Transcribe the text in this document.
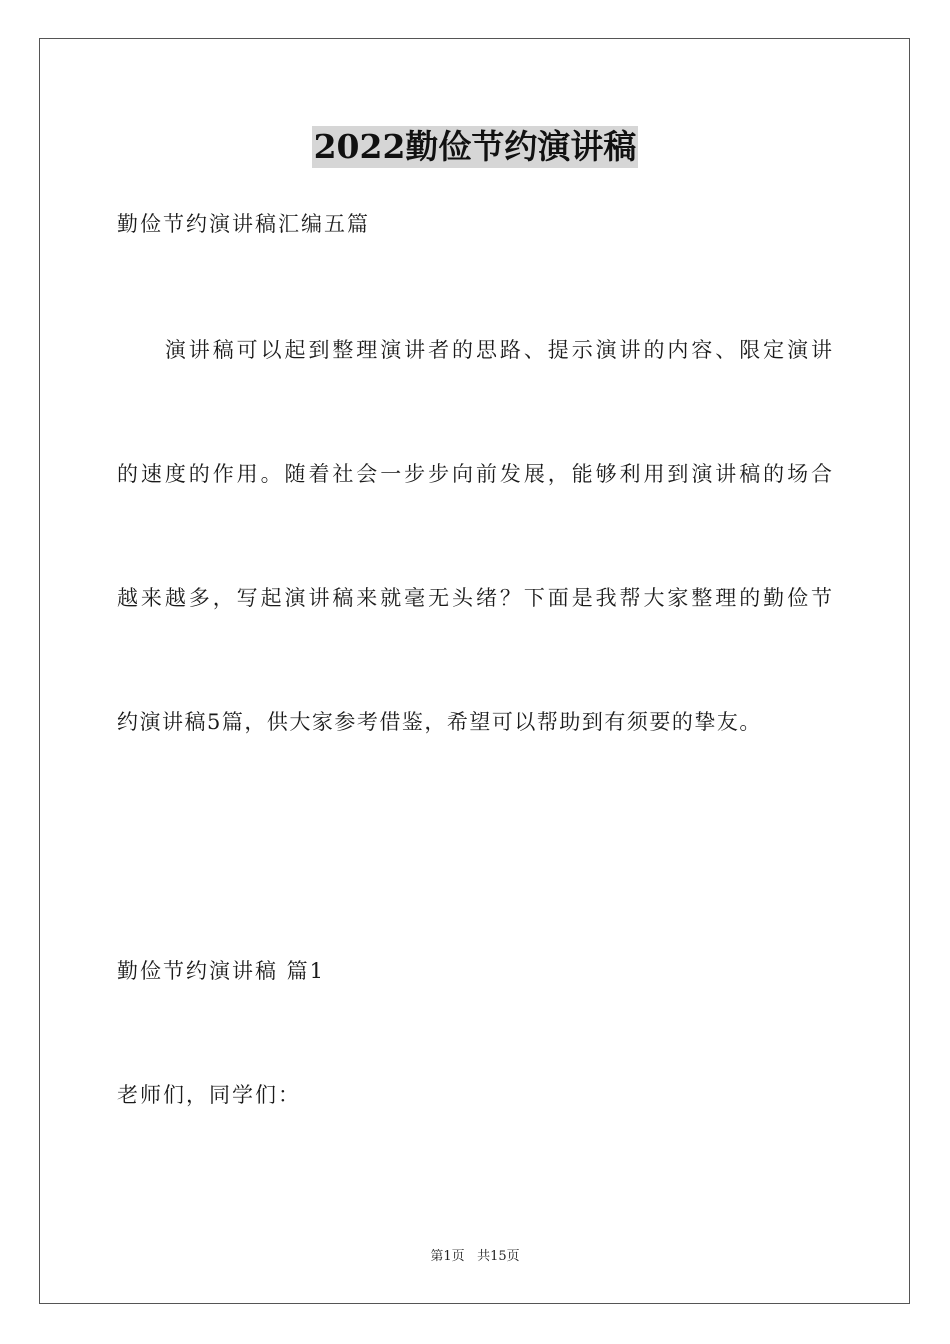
2022勤俭节约演讲稿
勤俭节约演讲稿汇编五篇
　　演讲稿可以起到整理演讲者的思路、提示演讲的内容、限定演讲
的速度的作用。随着社会一步步向前发展，能够利用到演讲稿的场合
越来越多，写起演讲稿来就毫无头绪？下面是我帮大家整理的勤俭节
约演讲稿5篇，供大家参考借鉴，希望可以帮助到有须要的挚友。
勤俭节约演讲稿 篇1
老师们，同学们：
第1页 共15页
